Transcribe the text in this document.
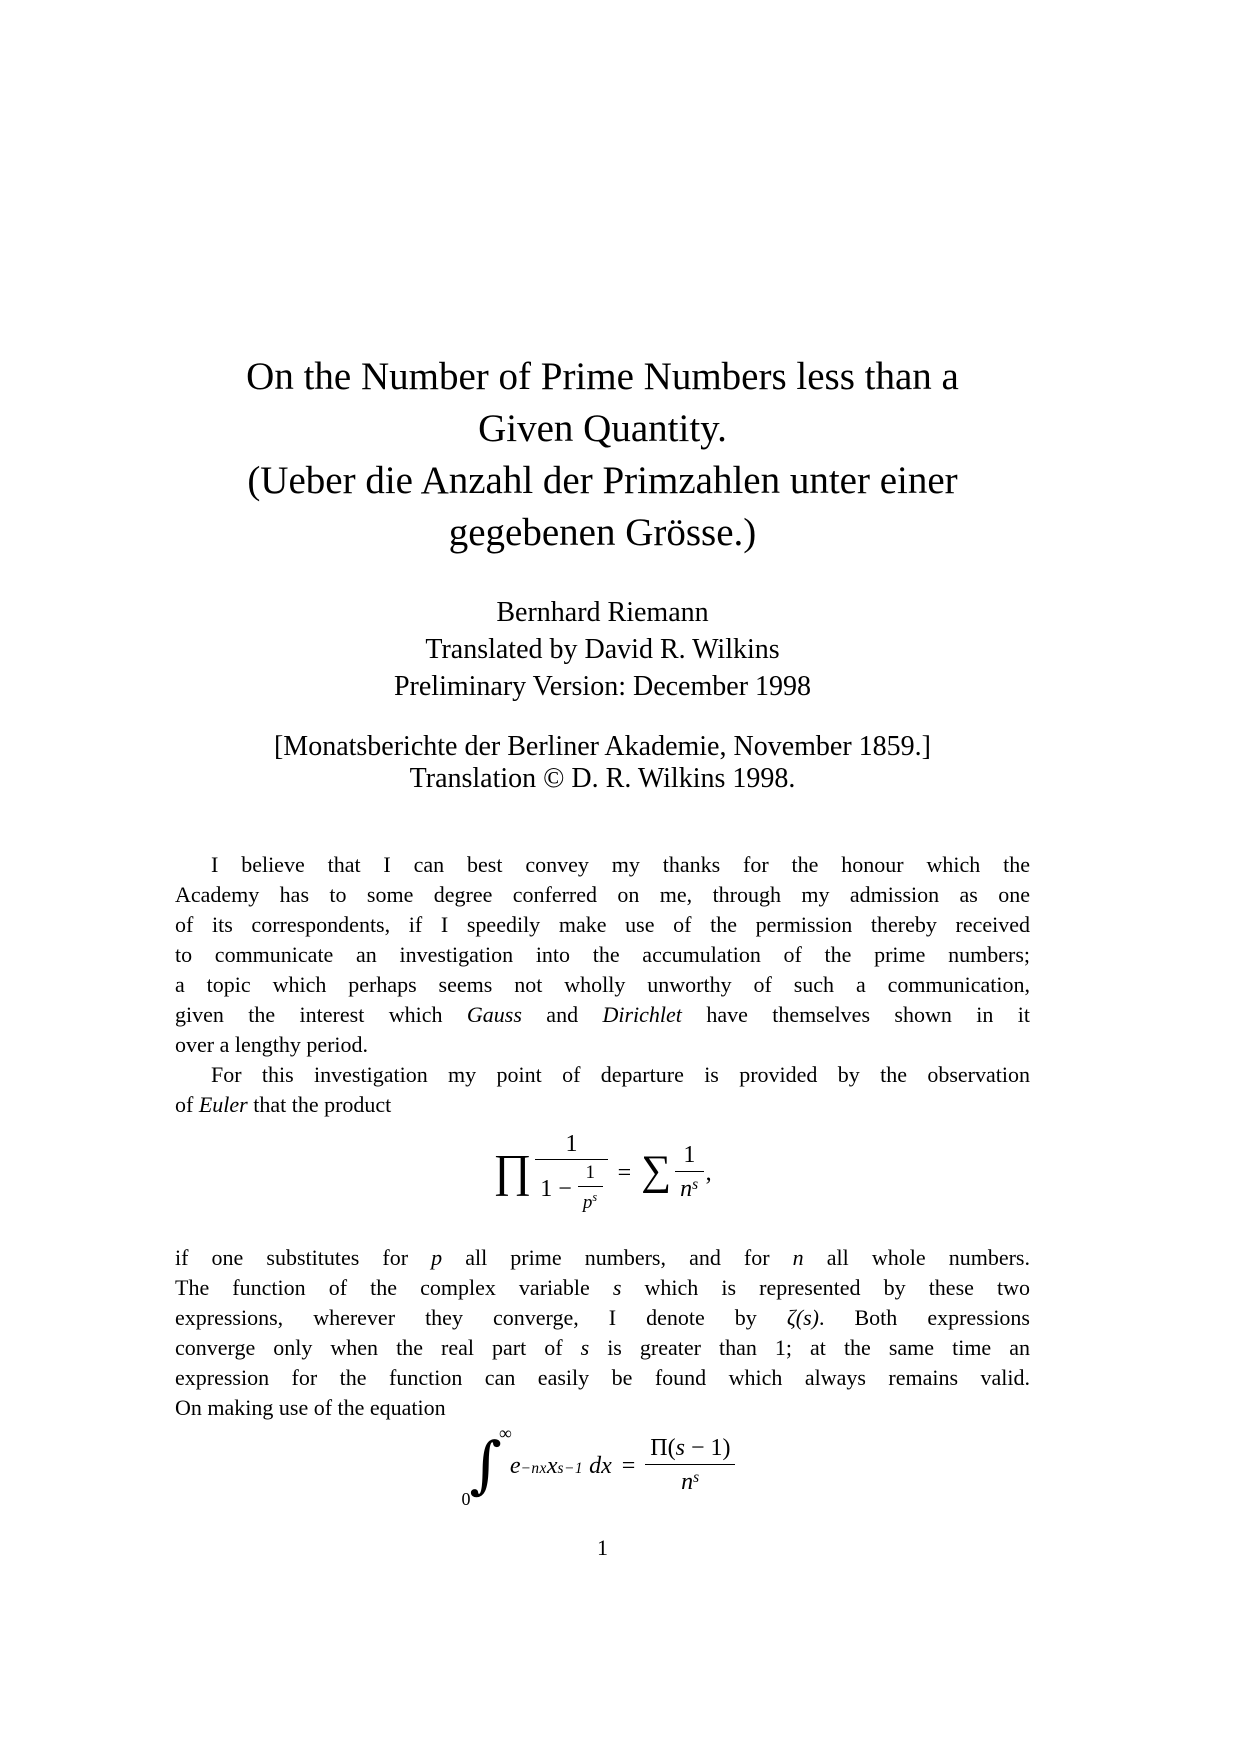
On the Number of Prime Numbers less than a
Given Quantity.
(Ueber die Anzahl der Primzahlen unter einer
gegebenen Grösse.)
Bernhard Riemann
Translated by David R. Wilkins
Preliminary Version: December 1998
[Monatsberichte der Berliner Akademie, November 1859.]
Translation © D. R. Wilkins 1998.
I believe that I can best convey my thanks for the honour which the
Academy has to some degree conferred on me, through my admission as one
of its correspondents, if I speedily make use of the permission thereby received
to communicate an investigation into the accumulation of the prime numbers;
a topic which perhaps seems not wholly unworthy of such a communication,
given the interest which Gauss and Dirichlet have themselves shown in it
over a lengthy period.
For this investigation my point of departure is provided by the observation
of Euler that the product
∏ $\frac{1}{1 - \frac{1}{p^s}}$ = ∑ $\frac{1}{n^s}$ ,
if one substitutes for p all prime numbers, and for n all whole numbers.
The function of the complex variable s which is represented by these two
expressions, wherever they converge, I denote by ζ(s). Both expressions
converge only when the real part of s is greater than 1; at the same time an
expression for the function can easily be found which always remains valid.
On making use of the equation
∞
∫
0
e −nx x s−1 dx = $\frac{\Pi(s - 1)}{n^s}$
1
